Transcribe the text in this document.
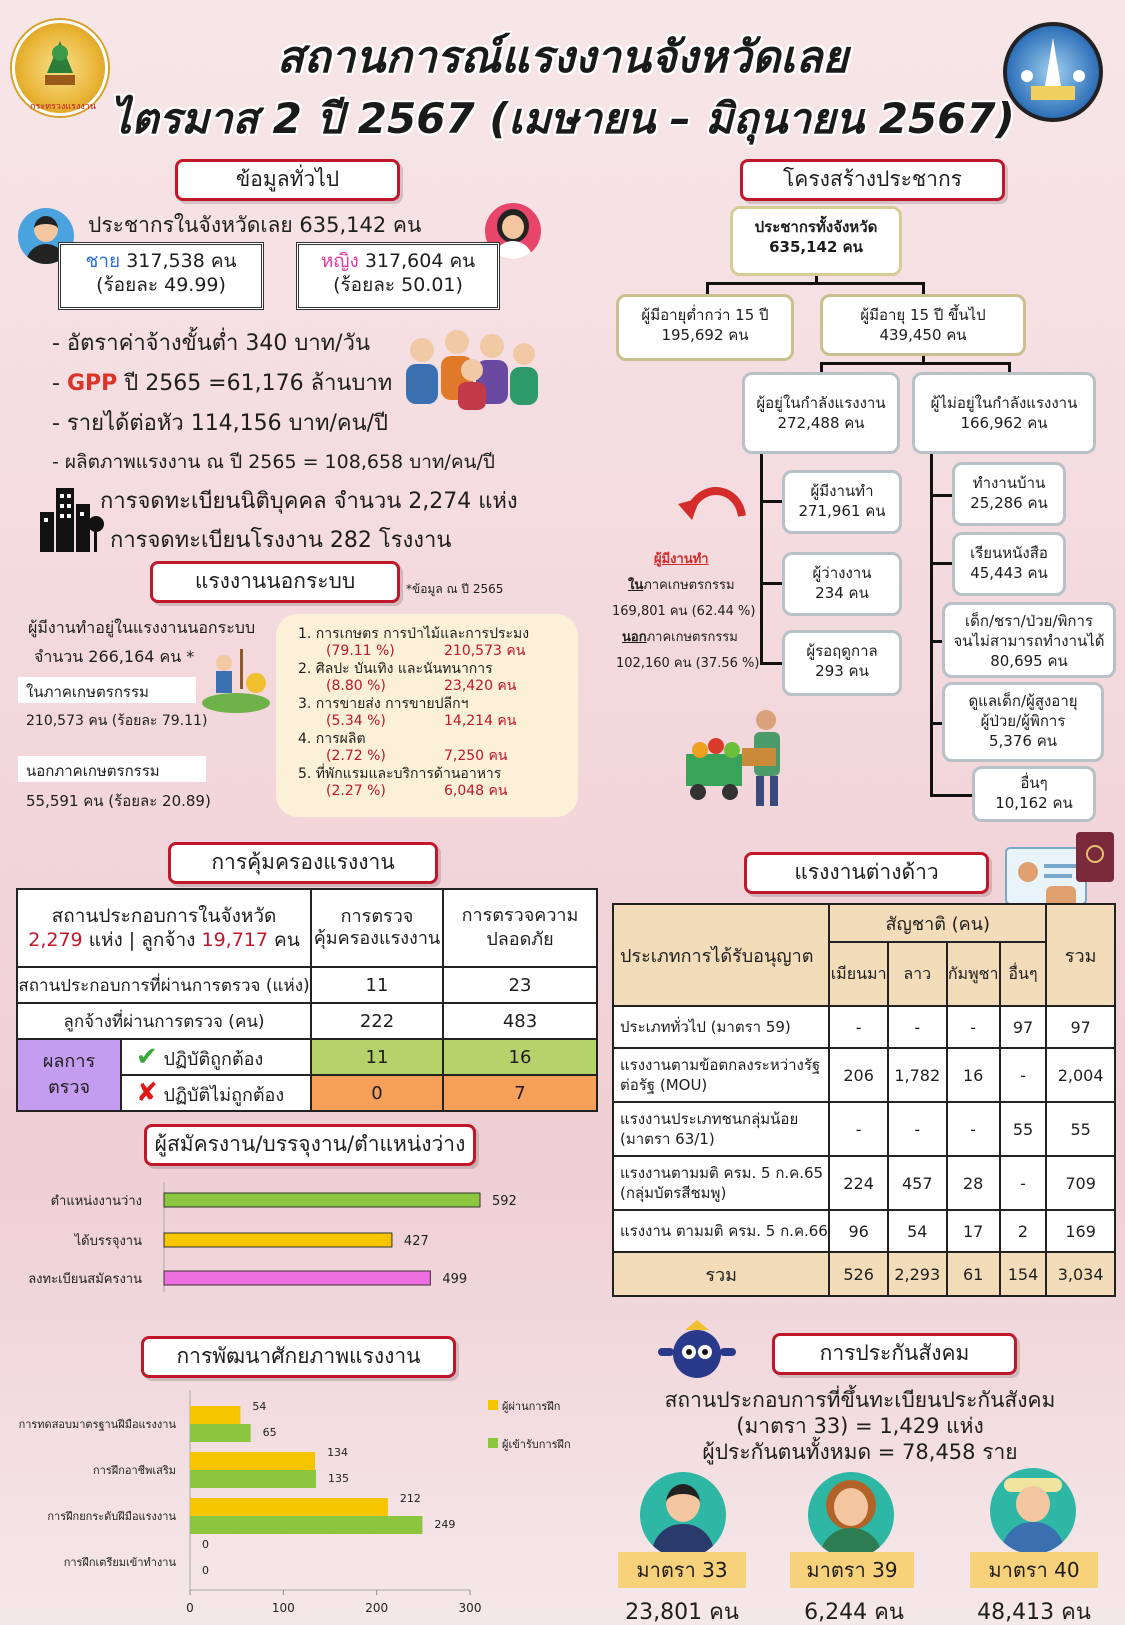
กระทรวงแรงงาน
สถานการณ์แรงงานจังหวัดเลย
ไตรมาส 2 ปี 2567 (เมษายน – มิถุนายน 2567)
ข้อมูลทั่วไป
ประชากรในจังหวัดเลย 635,142 คน
ชาย 317,538 คน
(ร้อยละ 49.99)
หญิง 317,604 คน
(ร้อยละ 50.01)
- อัตราค่าจ้างขั้นต่ำ 340 บาท/วัน
- GPP ปี 2565 =61,176 ล้านบาท
- รายได้ต่อหัว 114,156 บาท/คน/ปี
- ผลิตภาพแรงงาน ณ ปี 2565 = 108,658 บาท/คน/ปี
การจดทะเบียนนิติบุคคล จำนวน 2,274 แห่ง
การจดทะเบียนโรงงาน 282 โรงงาน
แรงงานนอกระบบ	*ข้อมูล ณ ปี 2565
ผู้มีงานทำอยู่ในแรงงานนอกระบบ
จำนวน 266,164 คน *
ในภาคเกษตรกรรม
210,573 คน (ร้อยละ 79.11)
นอกภาคเกษตรกรรม
55,591 คน (ร้อยละ 20.89)
1. การเกษตร การป่าไม้และการประมง
(79.11 %)	210,573 คน
2. ศิลปะ บันเทิง และนันทนาการ
(8.80 %)	23,420 คน
3. การขายส่ง การขายปลีกฯ
(5.34 %)	14,214 คน
4. การผลิต
(2.72 %)	7,250 คน
5. ที่พักแรมและบริการด้านอาหาร
(2.27 %)	6,048 คน
โครงสร้างประชากร
ประชากรทั้งจังหวัด
635,142 คน
ผู้มีอายุต่ำกว่า 15 ปี
195,692 คน
ผู้มีอายุ 15 ปี ขึ้นไป
439,450 คน
ผู้อยู่ในกำลังแรงงาน
272,488 คน
ผู้ไม่อยู่ในกำลังแรงงาน
166,962 คน
ผู้มีงานทำ
271,961 คน
ผู้ว่างงาน
234 คน
ผู้รอฤดูกาล
293 คน
ทำงานบ้าน
25,286 คน
เรียนหนังสือ
45,443 คน
เด็ก/ชรา/ป่วย/พิการ
จนไม่สามารถทำงานได้
80,695 คน
ดูแลเด็ก/ผู้สูงอายุ
ผู้ป่วย/ผู้พิการ
5,376 คน
อื่นๆ
10,162 คน
ผู้มีงานทำ
ในภาคเกษตรกรรม
169,801 คน (62.44 %)
นอกภาคเกษตรกรรม
102,160 คน (37.56 %)
การคุ้มครองแรงงาน
สถานประกอบการในจังหวัด
2,279 แห่ง | ลูกจ้าง 19,717 คน		การตรวจคุ้มครองแรงงาน	การตรวจความปลอดภัย
สถานประกอบการที่ผ่านการตรวจ (แห่ง)		11	23
ลูกจ้างที่ผ่านการตรวจ (คน)		222	483
ผลการตรวจ	✔ ปฏิบัติถูกต้อง	11	16
	✘ ปฏิบัติไม่ถูกต้อง	0	7
ผู้สมัครงาน/บรรจุงาน/ตำแหน่งว่าง
ตำแหน่งงานว่าง	592
ได้บรรจุงาน	427
ลงทะเบียนสมัครงาน	499
การพัฒนาศักยภาพแรงงาน
0	100	200	300
การทดสอบมาตรฐานฝีมือแรงงาน
54
65
การฝึกอาชีพเสริม
134
135
การฝึกยกระดับฝีมือแรงงาน
212
249
การฝึกเตรียมเข้าทำงาน
0
0
ผู้ผ่านการฝึก
ผู้เข้ารับการฝึก
แรงงานต่างด้าว
ประเภทการได้รับอนุญาต	สัญชาติ (คน)				รวม
	เมียนมา	ลาว	กัมพูชา	อื่นๆ	
ประเภททั่วไป (มาตรา 59)	-	-	-	97	97
แรงงานตามข้อตกลงระหว่างรัฐต่อรัฐ (MOU)	206	1,782	16	-	2,004
แรงงานประเภทชนกลุ่มน้อย (มาตรา 63/1)	-	-	-	55	55
แรงงานตามมติ ครม. 5 ก.ค.65 (กลุ่มบัตรสีชมพู)	224	457	28	-	709
แรงงาน ตามมติ ครม. 5 ก.ค.66	96	54	17	2	169
รวม	526	2,293	61	154	3,034
การประกันสังคม
สถานประกอบการที่ขึ้นทะเบียนประกันสังคม
(มาตรา 33) = 1,429 แห่ง
ผู้ประกันตนทั้งหมด = 78,458 ราย
มาตรา 33	มาตรา 39	มาตรา 40
23,801 คน	6,244 คน	48,413 คน
